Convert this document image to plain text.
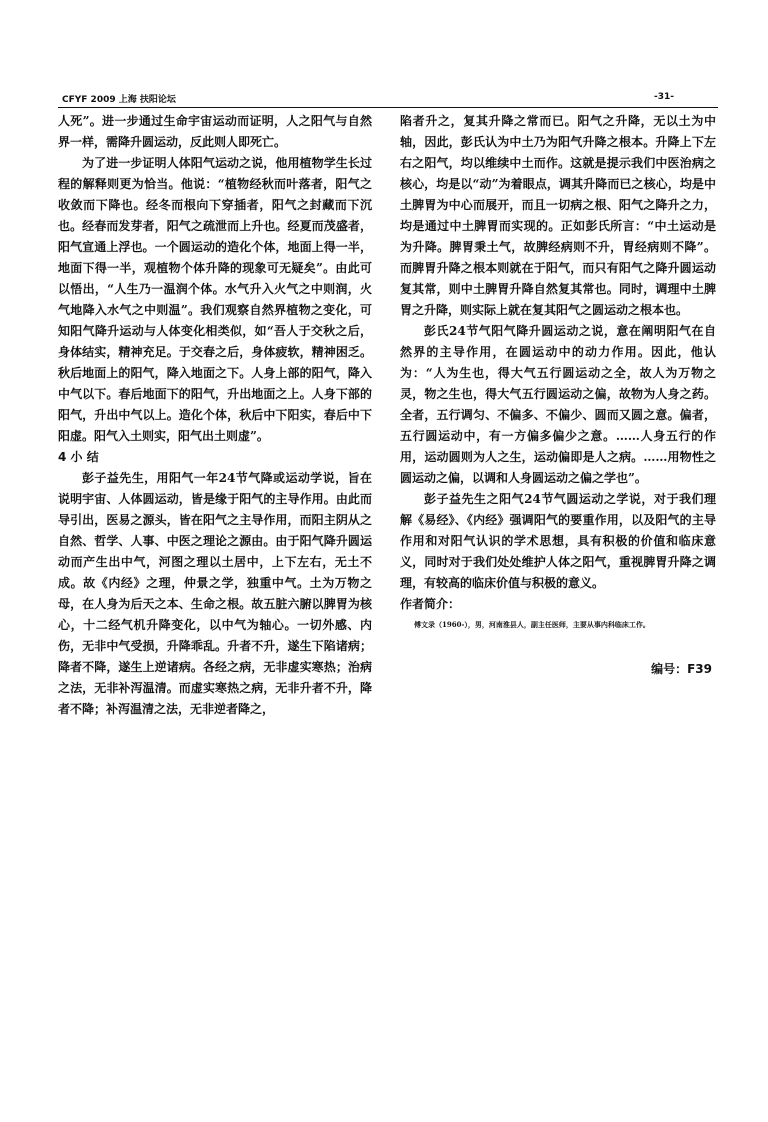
CFYF 2009 上海 扶阳论坛	-31-

人死”。进一步通过生命宇宙运动而证明，人之阳气与自然界一样，需降升圆运动，反此则人即死亡。

为了进一步证明人体阳气运动之说，他用植物学生长过程的解释则更为恰当。他说：“植物经秋而叶落者，阳气之收敛而下降也。经冬而根向下穿插者，阳气之封藏而下沉也。经春而发芽者，阳气之疏泄而上升也。经夏而茂盛者，阳气宣通上浮也。一个圆运动的造化个体，地面上得一半，地面下得一半，观植物个体升降的现象可无疑矣”。由此可以悟出，“人生乃一温润个体。水气升入火气之中则润，火气地降入水气之中则温”。我们观察自然界植物之变化，可知阳气降升运动与人体变化相类似，如“吾人于交秋之后，身体结实，精神充足。于交春之后，身体疲软，精神困乏。秋后地面上的阳气，降入地面之下。人身上部的阳气，降入中气以下。春后地面下的阳气，升出地面之上。人身下部的阳气，升出中气以上。造化个体，秋后中下阳实，春后中下阳虚。阳气入土则实，阳气出土则虚”。

4 小 结

彭子益先生，用阳气一年24节气降或运动学说，旨在说明宇宙、人体圆运动，皆是缘于阳气的主导作用。由此而导引出，医易之源头，皆在阳气之主导作用，而阳主阴从之自然、哲学、人事、中医之理论之源由。由于阳气降升圆运动而产生出中气，河图之理以土居中，上下左右，无土不成。故《内经》之理，仲景之学，独重中气。土为万物之母，在人身为后天之本、生命之根。故五脏六腑以脾胃为核心，十二经气机升降变化，以中气为轴心。一切外感、内伤，无非中气受损，升降乖乱。升者不升，遂生下陷诸病；降者不降，遂生上逆诸病。各经之病，无非虚实寒热；治病之法，无非补泻温清。而虚实寒热之病，无非升者不升，降者不降；补泻温清之法，无非逆者降之，

陷者升之，复其升降之常而已。阳气之升降，无以土为中轴，因此，彭氏认为中土乃为阳气升降之根本。升降上下左右之阳气，均以维续中土而作。这就是提示我们中医治病之核心，均是以“动”为着眼点，调其升降而已之核心，均是中土脾胃为中心而展开，而且一切病之根、阳气之降升之力，均是通过中土脾胃而实现的。正如彭氏所言：“中土运动是为升降。脾胃秉土气，故脾经病则不升，胃经病则不降”。而脾胃升降之根本则就在于阳气，而只有阳气之降升圆运动复其常，则中土脾胃升降自然复其常也。同时，调理中土脾胃之升降，则实际上就在复其阳气之圆运动之根本也。

彭氏24节气阳气降升圆运动之说，意在阐明阳气在自然界的主导作用，在圆运动中的动力作用。因此，他认为：“人为生也，得大气五行圆运动之全，故人为万物之灵，物之生也，得大气五行圆运动之偏，故物为人身之药。全者，五行调匀、不偏多、不偏少、圆而又圆之意。偏者，五行圆运动中，有一方偏多偏少之意。……人身五行的作用，运动圆则为人之生，运动偏即是人之病。……用物性之圆运动之偏，以调和人身圆运动之偏之学也”。

彭子益先生之阳气24节气圆运动之学说，对于我们理解《易经》、《内经》强调阳气的要重作用，以及阳气的主导作用和对阳气认识的学术思想，具有积极的价值和临床意义，同时对于我们处处维护人体之阳气，重视脾胃升降之调理，有较高的临床价值与积极的意义。

作者简介：

傅文录（1960-），男，河南淮县人，副主任医师，主要从事内科临床工作。

编号：F39
